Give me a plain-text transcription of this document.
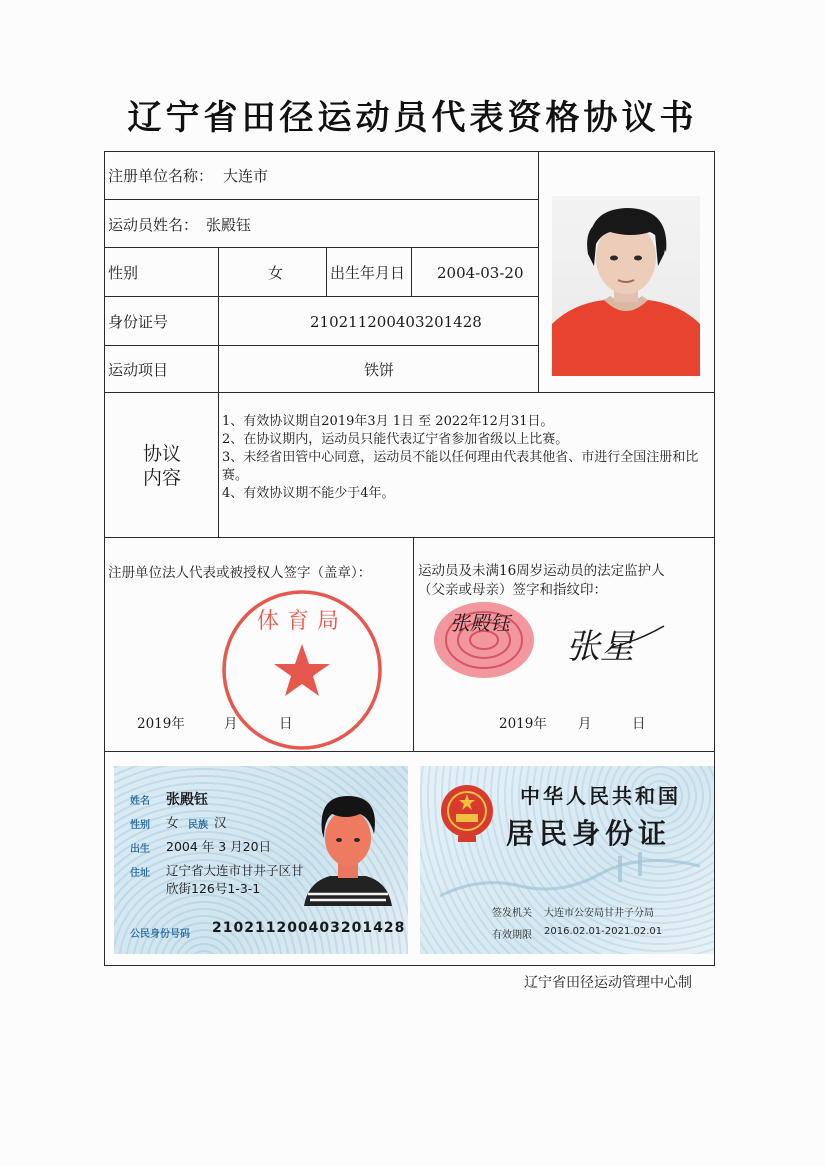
辽宁省田径运动员代表资格协议书
注册单位名称： 大连市
运动员姓名： 张殿钰
性别	女	出生年月日 2004-03-20
身份证号	210211200403201428
运动项目	铁饼
协议
内容
1、有效协议期自2019年3月 1日 至 2022年12月31日。
2、在协议期内，运动员只能代表辽宁省参加省级以上比赛。
3、未经省田管中心同意，运动员不能以任何理由代表其他省、市进行全国注册和比赛。
4、有效协议期不能少于4年。
注册单位法人代表或被授权人签字（盖章）：
体育局
2019年	月	日
运动员及未满16周岁运动员的法定监护人
（父亲或母亲）签字和指纹印：
张殿钰
张星
2019年 月	日
姓名 张殿钰
性别 女 民族 汉
出生 2004 年 3 月20日
住址 辽宁省大连市甘井子区甘
欣街126号1-3-1
公民身份号码 210211200403201428
中华人民共和国
居民身份证
签发机关 大连市公安局甘井子分局
有效期限 2016.02.01-2021.02.01
辽宁省田径运动管理中心制
